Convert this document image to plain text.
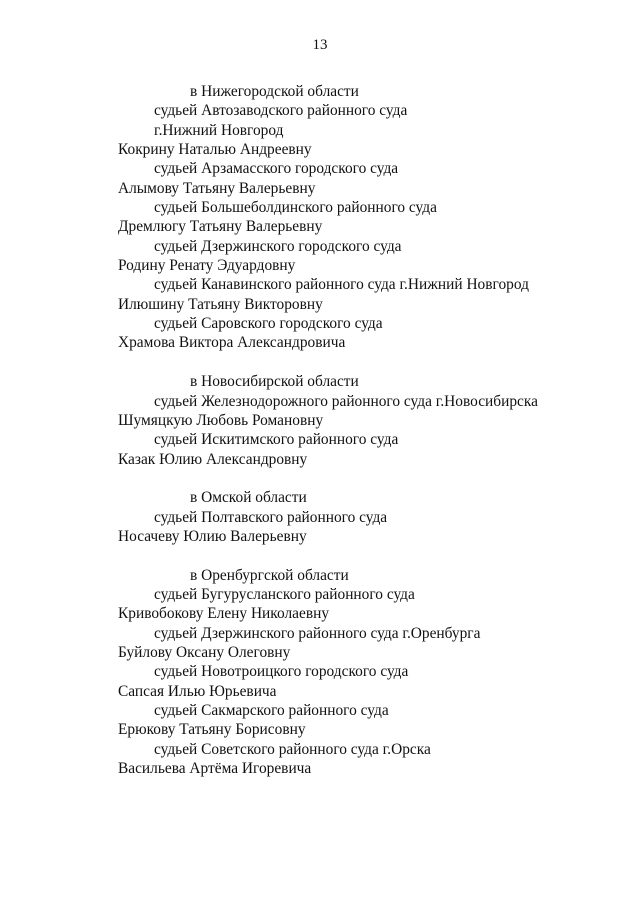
13
в Нижегородской области
судьей Автозаводского районного суда
г.Нижний Новгород
Кокрину Наталью Андреевну
судьей Арзамасского городского суда
Алымову Татьяну Валерьевну
судьей Большеболдинского районного суда
Дремлюгу Татьяну Валерьевну
судьей Дзержинского городского суда
Родину Ренату Эдуардовну
судьей Канавинского районного суда г.Нижний Новгород
Илюшину Татьяну Викторовну
судьей Саровского городского суда
Храмова Виктора Александровича
в Новосибирской области
судьей Железнодорожного районного суда г.Новосибирска
Шумяцкую Любовь Романовну
судьей Искитимского районного суда
Казак Юлию Александровну
в Омской области
судьей Полтавского районного суда
Носачеву Юлию Валерьевну
в Оренбургской области
судьей Бугурусланского районного суда
Кривобокову Елену Николаевну
судьей Дзержинского районного суда г.Оренбурга
Буйлову Оксану Олеговну
судьей Новотроицкого городского суда
Сапсая Илью Юрьевича
судьей Сакмарского районного суда
Ерюкову Татьяну Борисовну
судьей Советского районного суда г.Орска
Васильева Артёма Игоревича
